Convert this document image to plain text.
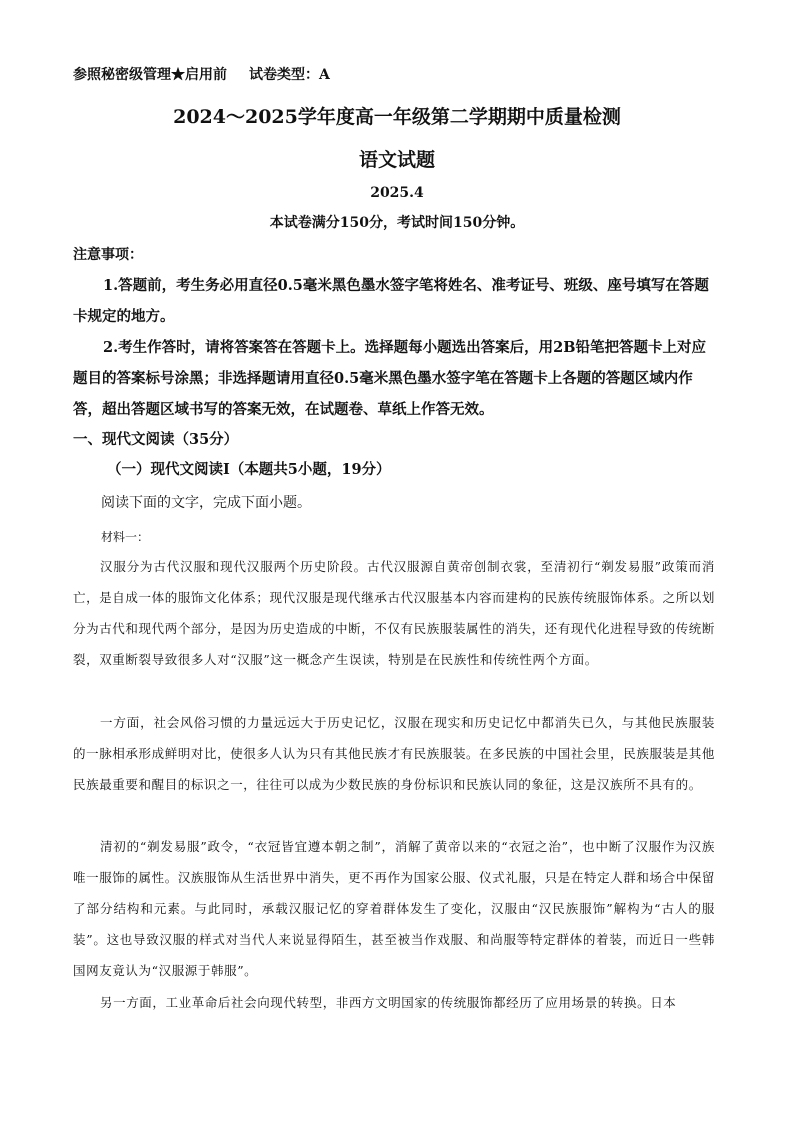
参照秘密级管理★启用前 试卷类型：A
2024～2025学年度高一年级第二学期期中质量检测
语文试题
2025.4
本试卷满分150分，考试时间150分钟。
注意事项：
1.答题前，考生务必用直径0.5毫米黑色墨水签字笔将姓名、准考证号、班级、座号填写在答题卡规定的地方。
2.考生作答时，请将答案答在答题卡上。选择题每小题选出答案后，用2B铅笔把答题卡上对应题目的答案标号涂黑；非选择题请用直径0.5毫米黑色墨水签字笔在答题卡上各题的答题区域内作答，超出答题区域书写的答案无效，在试题卷、草纸上作答无效。
一、现代文阅读（35分）
（一）现代文阅读Ⅰ（本题共5小题，19分）
阅读下面的文字，完成下面小题。
材料一：
汉服分为古代汉服和现代汉服两个历史阶段。古代汉服源自黄帝创制衣裳，至清初行“剃发易服”政策而消亡，是自成一体的服饰文化体系；现代汉服是现代继承古代汉服基本内容而建构的民族传统服饰体系。之所以划分为古代和现代两个部分，是因为历史造成的中断，不仅有民族服装属性的消失，还有现代化进程导致的传统断裂，双重断裂导致很多人对“汉服”这一概念产生误读，特别是在民族性和传统性两个方面。
一方面，社会风俗习惯的力量远远大于历史记忆，汉服在现实和历史记忆中都消失已久，与其他民族服装的一脉相承形成鲜明对比，使很多人认为只有其他民族才有民族服装。在多民族的中国社会里，民族服装是其他民族最重要和醒目的标识之一，往往可以成为少数民族的身份标识和民族认同的象征，这是汉族所不具有的。
清初的“剃发易服”政令，“衣冠皆宜遵本朝之制”，消解了黄帝以来的“衣冠之治”，也中断了汉服作为汉族唯一服饰的属性。汉族服饰从生活世界中消失，更不再作为国家公服、仪式礼服，只是在特定人群和场合中保留了部分结构和元素。与此同时，承载汉服记忆的穿着群体发生了变化，汉服由“汉民族服饰”解构为“古人的服装”。这也导致汉服的样式对当代人来说显得陌生，甚至被当作戏服、和尚服等特定群体的着装，而近日一些韩国网友竟认为“汉服源于韩服”。
另一方面，工业革命后社会向现代转型，非西方文明国家的传统服饰都经历了应用场景的转换。日本
